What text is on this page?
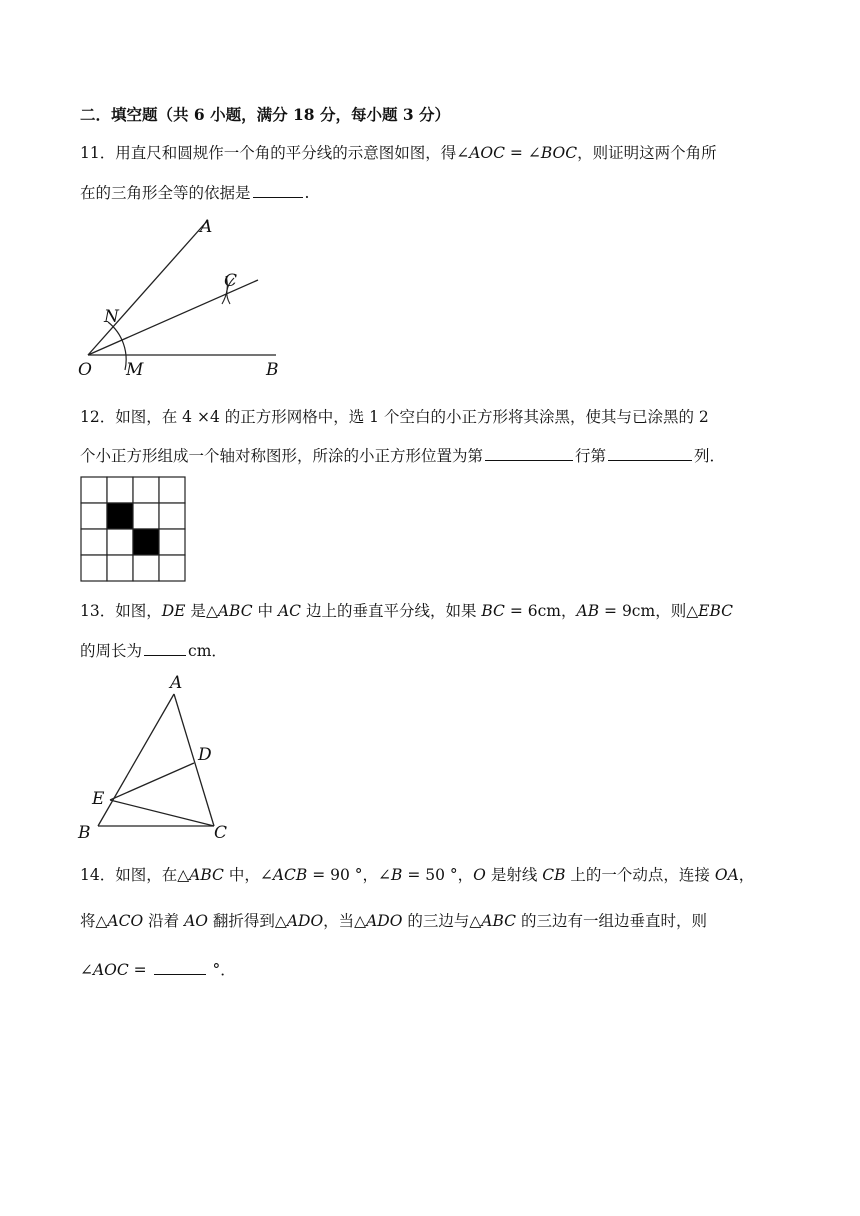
二．填空题（共 6 小题，满分 18 分，每小题 3 分）
11．用直尺和圆规作一个角的平分线的示意图如图，得∠AOC = ∠BOC，则证明这两个角所
在的三角形全等的依据是	.
A
C
N
O M	B
12．如图，在 4 ×4 的正方形网格中，选 1 个空白的小正方形将其涂黑，使其与已涂黑的 2
个小正方形组成一个轴对称图形，所涂的小正方形位置为第	行第	列．
13．如图，DE 是△ABC 中 AC 边上的垂直平分线，如果 BC = 6cm，AB = 9cm，则△EBC
的周长为	cm．
A
D
E
B	C
14．如图，在△ABC 中，∠ACB = 90 °，∠B = 50 °，O 是射线 CB 上的一个动点，连接 OA，
将△ACO 沿着 AO 翻折得到△ADO，当△ADO 的三边与△ABC 的三边有一组边垂直时，则
∠AOC =	°．
